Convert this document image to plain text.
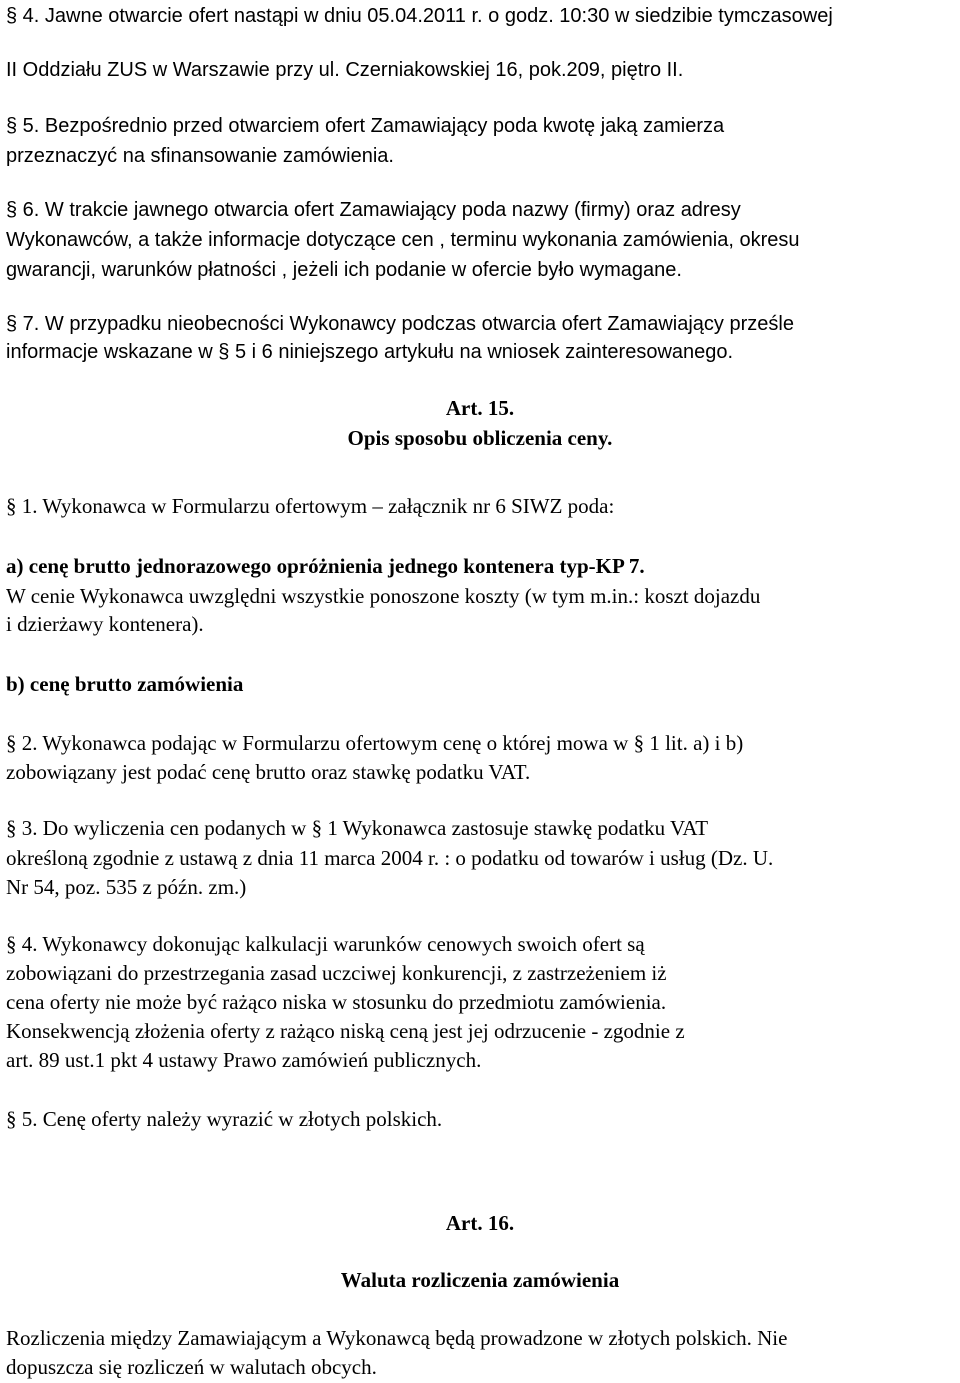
§ 4. Jawne otwarcie ofert nastąpi w dniu 05.04.2011 r. o godz. 10:30 w siedzibie tymczasowej
II Oddziału ZUS w Warszawie przy ul. Czerniakowskiej 16, pok.209, piętro II.
§ 5. Bezpośrednio przed otwarciem ofert Zamawiający poda kwotę jaką zamierza
przeznaczyć na sfinansowanie zamówienia.
§ 6. W trakcie jawnego otwarcia ofert Zamawiający poda nazwy (firmy) oraz adresy
Wykonawców, a także informacje dotyczące cen , terminu wykonania zamówienia, okresu
gwarancji, warunków płatności , jeżeli ich podanie w ofercie było wymagane.
§ 7. W przypadku nieobecności Wykonawcy podczas otwarcia ofert Zamawiający prześle
informacje wskazane w § 5 i 6 niniejszego artykułu na wniosek zainteresowanego.
Art. 15.
Opis sposobu obliczenia ceny.
§ 1. Wykonawca w Formularzu ofertowym – załącznik nr 6 SIWZ poda:
a) cenę brutto jednorazowego opróżnienia jednego kontenera typ-KP 7.
W cenie Wykonawca uwzględni wszystkie ponoszone koszty (w tym m.in.: koszt dojazdu
i dzierżawy kontenera).
b) cenę brutto zamówienia
§ 2. Wykonawca podając w Formularzu ofertowym cenę o której mowa w § 1 lit. a) i b)
zobowiązany jest podać cenę brutto oraz stawkę podatku VAT.
§ 3. Do wyliczenia cen podanych w § 1 Wykonawca zastosuje stawkę podatku VAT
określoną zgodnie z ustawą z dnia 11 marca 2004 r. : o podatku od towarów i usług (Dz. U.
Nr 54, poz. 535 z późn. zm.)
§ 4. Wykonawcy dokonując kalkulacji warunków cenowych swoich ofert są
zobowiązani do przestrzegania zasad uczciwej konkurencji, z zastrzeżeniem iż
cena oferty nie może być rażąco niska w stosunku do przedmiotu zamówienia.
Konsekwencją złożenia oferty z rażąco niską ceną jest jej odrzucenie - zgodnie z
art. 89 ust.1 pkt 4 ustawy Prawo zamówień publicznych.
§ 5. Cenę oferty należy wyrazić w złotych polskich.
Art. 16.
Waluta rozliczenia zamówienia
Rozliczenia między Zamawiającym a Wykonawcą będą prowadzone w złotych polskich. Nie
dopuszcza się rozliczeń w walutach obcych.
